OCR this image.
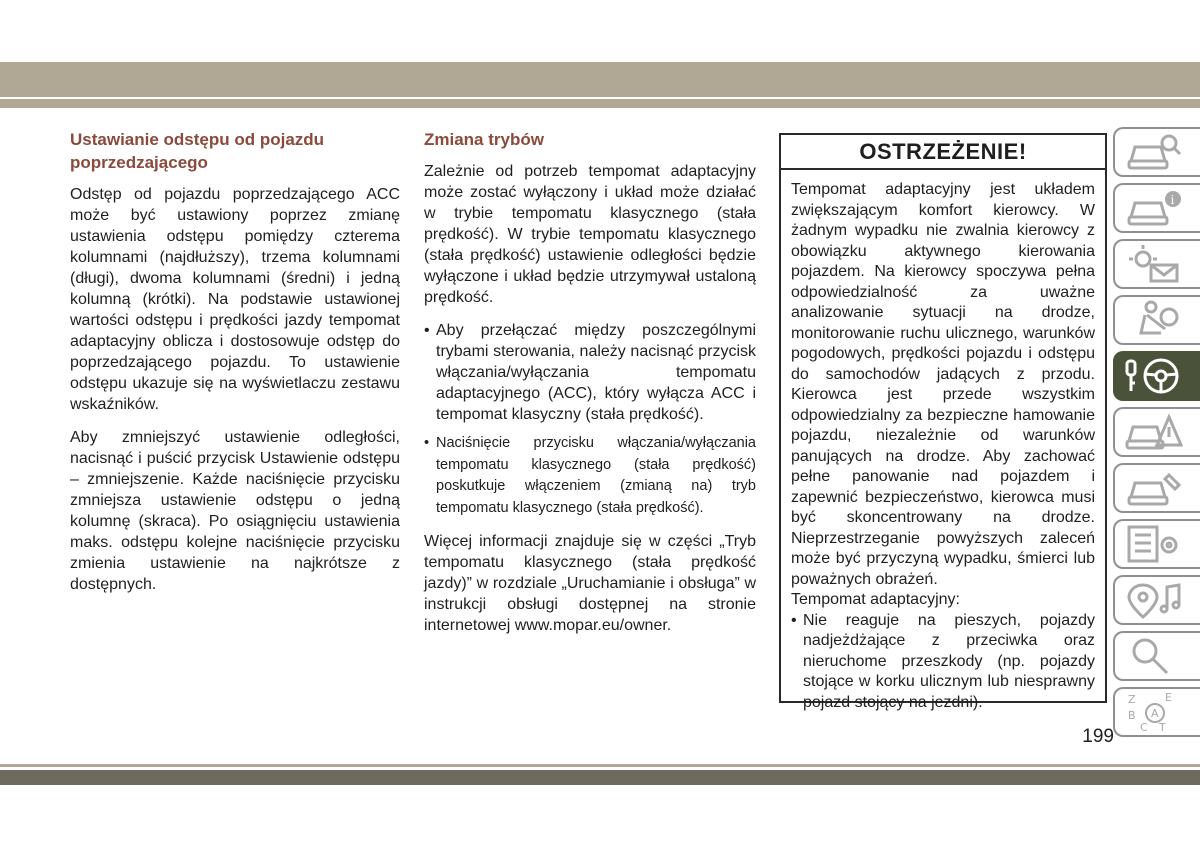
Ustawianie odstępu od pojazdu poprzedzającego

Odstęp od pojazdu poprzedzającego ACC może być ustawiony poprzez zmianę ustawienia odstępu pomiędzy czterema kolumnami (najdłuższy), trzema kolumnami (długi), dwoma kolumnami (średni) i jedną kolumną (krótki). Na podstawie ustawionej wartości odstępu i prędkości jazdy tempomat adaptacyjny oblicza i dostosowuje odstęp do poprzedzającego pojazdu. To ustawienie odstępu ukazuje się na wyświetlaczu zestawu wskaźników.

Aby zmniejszyć ustawienie odległości, nacisnąć i puścić przycisk Ustawienie odstępu – zmniejszenie. Każde naciśnięcie przycisku zmniejsza ustawienie odstępu o jedną kolumnę (skraca). Po osiągnięciu ustawienia maks. odstępu kolejne naciśnięcie przycisku zmienia ustawienie na najkrótsze z dostępnych.

Zmiana trybów

Zależnie od potrzeb tempomat adaptacyjny może zostać wyłączony i układ może działać w trybie tempomatu klasycznego (stała prędkość). W trybie tempomatu klasycznego (stała prędkość) ustawienie odległości będzie wyłączone i układ będzie utrzymywał ustaloną prędkość.

• Aby przełączać między poszczególnymi trybami sterowania, należy nacisnąć przycisk włączania/wyłączania tempomatu adaptacyjnego (ACC), który wyłącza ACC i tempomat klasyczny (stała prędkość).
• Naciśnięcie przycisku włączania/wyłączania tempomatu klasycznego (stała prędkość) poskutkuje włączeniem (zmianą na) tryb tempomatu klasycznego (stała prędkość).

Więcej informacji znajduje się w części „Tryb tempomatu klasycznego (stała prędkość jazdy)” w rozdziale „Uruchamianie i obsługa” w instrukcji obsługi dostępnej na stronie internetowej www.mopar.eu/owner.

OSTRZEŻENIE!

Tempomat adaptacyjny jest układem zwiększającym komfort kierowcy. W żadnym wypadku nie zwalnia kierowcy z obowiązku aktywnego kierowania pojazdem. Na kierowcy spoczywa pełna odpowiedzialność za uważne analizowanie sytuacji na drodze, monitorowanie ruchu ulicznego, warunków pogodowych, prędkości pojazdu i odstępu do samochodów jadących z przodu. Kierowca jest przede wszystkim odpowiedzialny za bezpieczne hamowanie pojazdu, niezależnie od warunków panujących na drodze. Aby zachować pełne panowanie nad pojazdem i zapewnić bezpieczeństwo, kierowca musi być skoncentrowany na drodze. Nieprzestrzeganie powyższych zaleceń może być przyczyną wypadku, śmierci lub poważnych obrażeń.

Tempomat adaptacyjny:

• Nie reaguje na pieszych, pojazdy nadjeżdżające z przeciwka oraz nieruchome przeszkody (np. pojazdy stojące w korku ulicznym lub niesprawny pojazd stojący na jezdni).
i
Z	E
B
C T
A
199
